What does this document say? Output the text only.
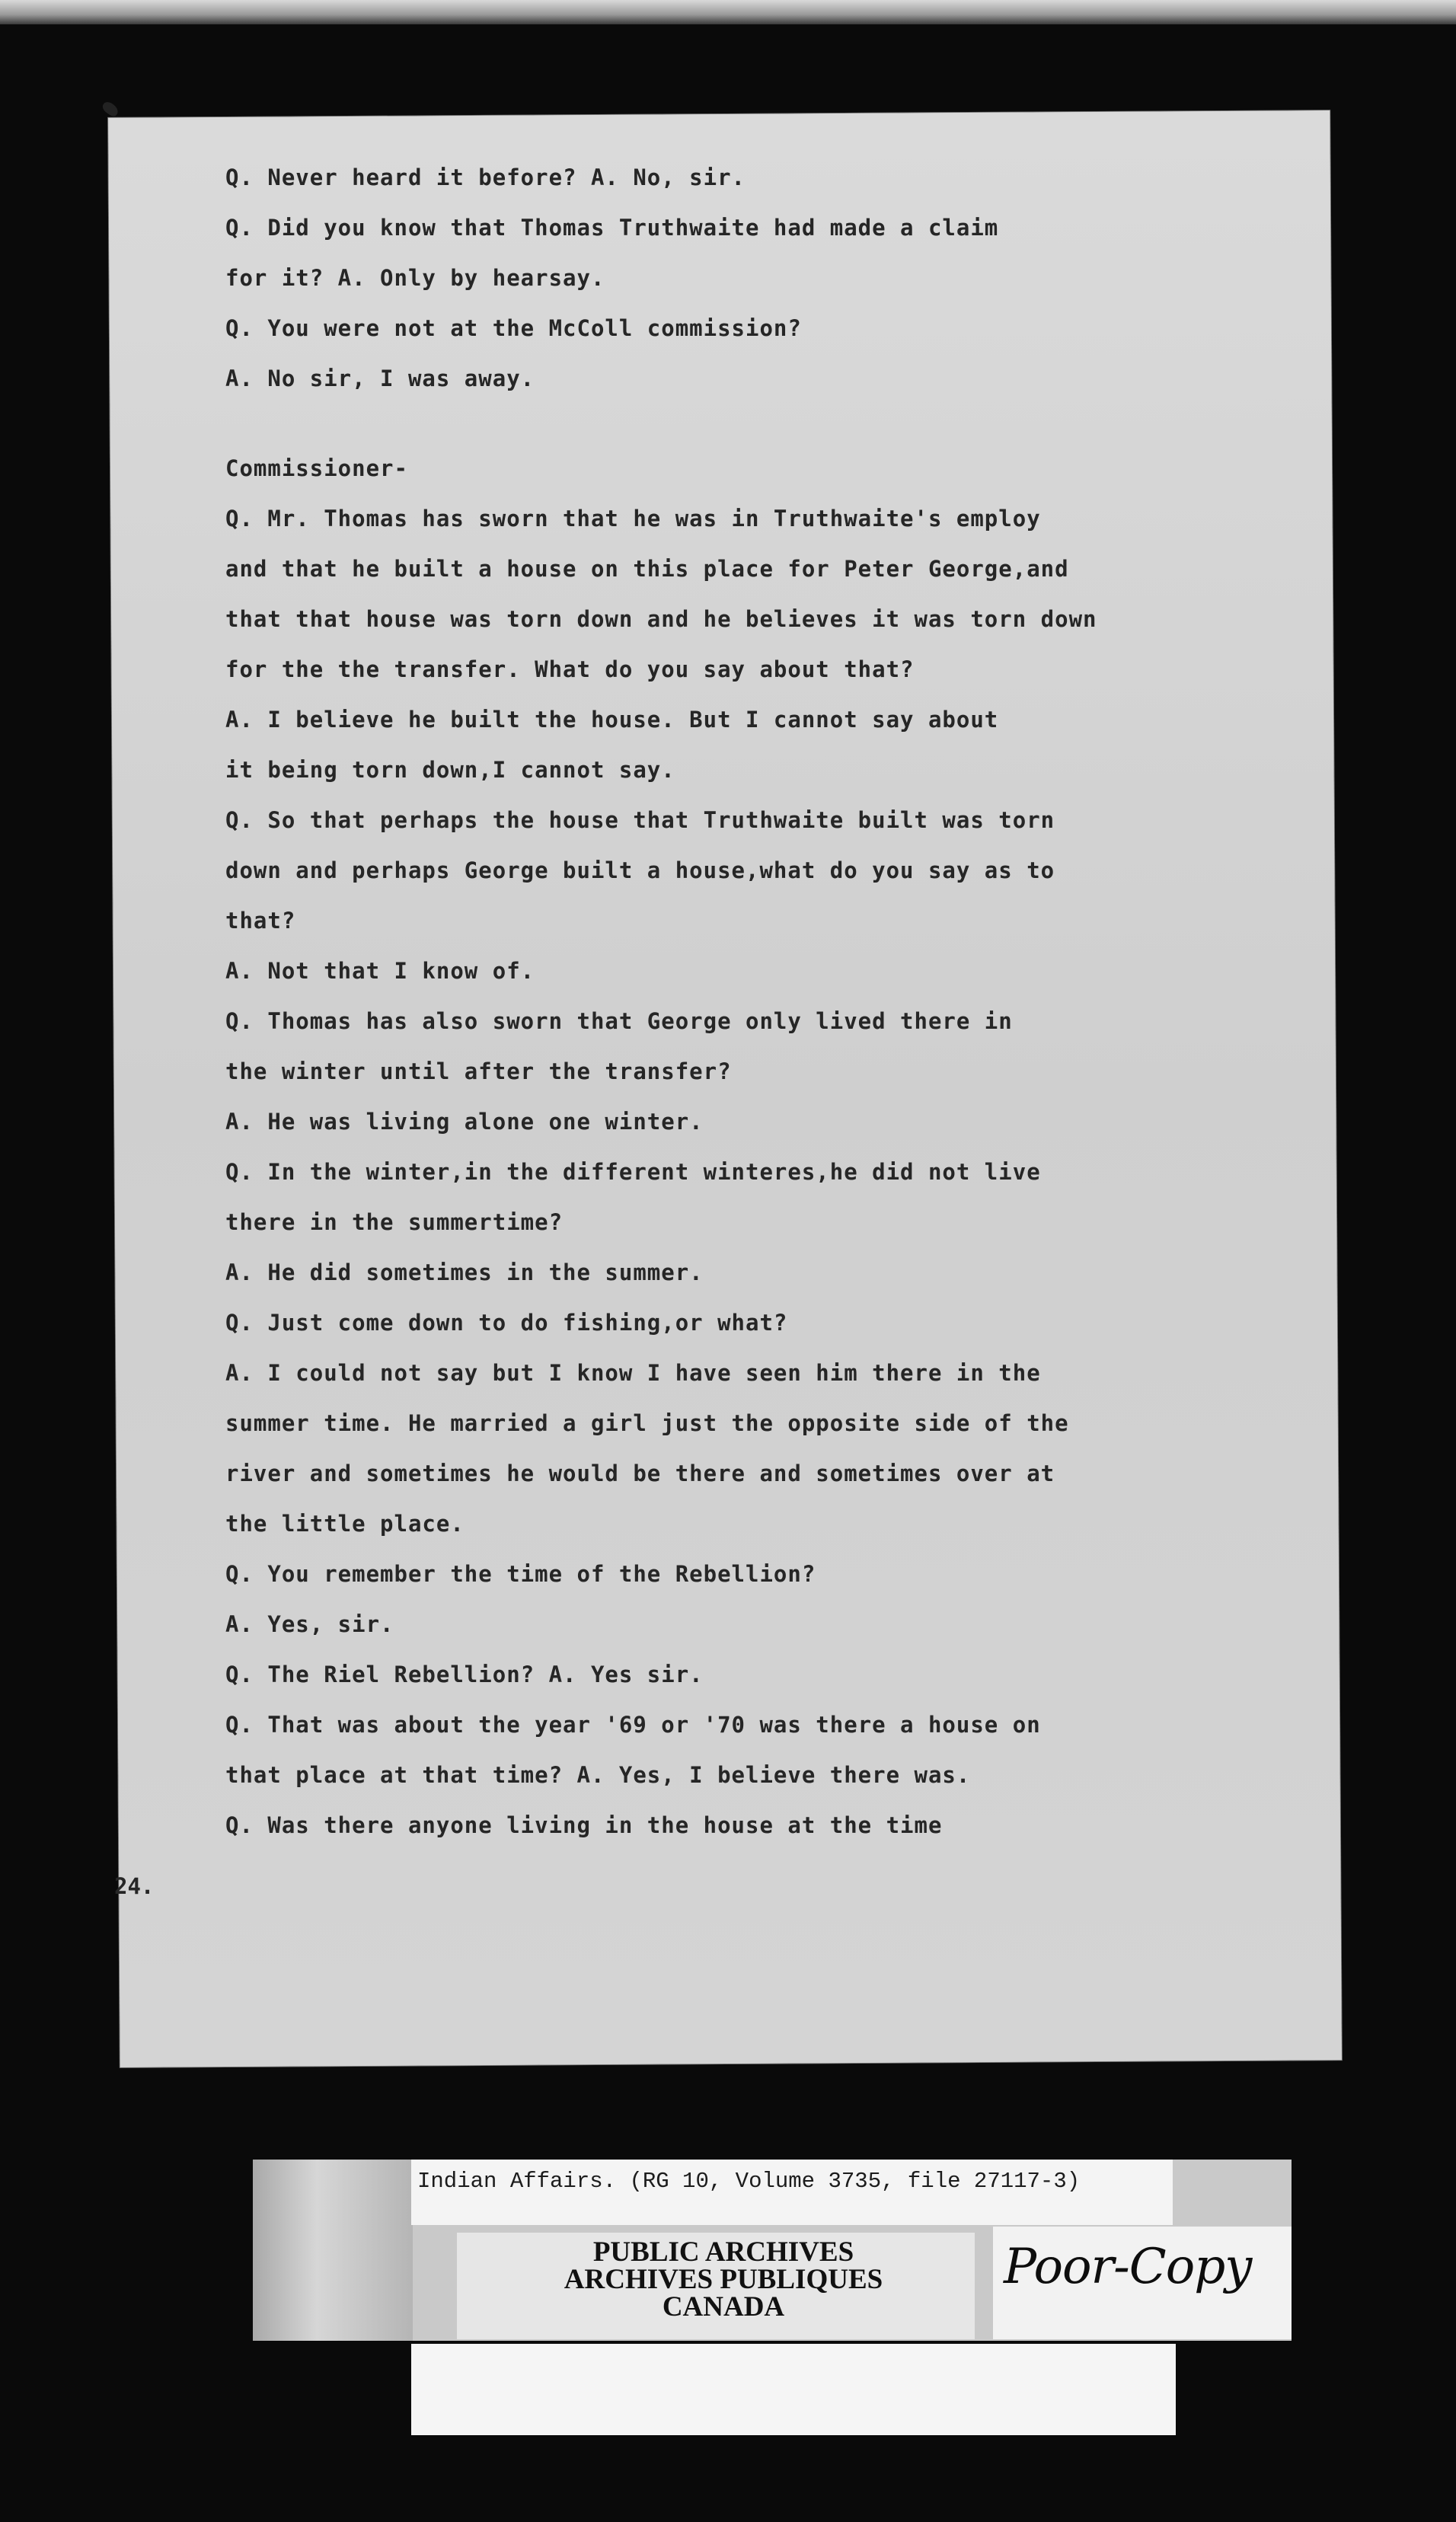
Q. Never heard it before? A. No, sir.
Q. Did you know that Thomas Truthwaite had made a claim
for it? A. Only by hearsay.
Q. You were not at the McColl commission?
A. No sir, I was away.
Commissioner-
Q. Mr. Thomas has sworn that he was in Truthwaite's employ
and that he built a house on this place for Peter George,and
that that house was torn down and he believes it was torn down
for the the transfer. What do you say about that?
A. I believe he built the house. But I cannot say about
it being torn down,I cannot say.
Q. So that perhaps the house that Truthwaite built was torn
down and perhaps George built a house,what do you say as to
that?
A. Not that I know of.
Q. Thomas has also sworn that George only lived there in
the winter until after the transfer?
A. He was living alone one winter.
Q. In the winter,in the different winteres,he did not live
there in the summertime?
A. He did sometimes in the summer.
Q. Just come down to do fishing,or what?
A. I could not say but I know I have seen him there in the
summer time. He married a girl just the opposite side of the
river and sometimes he would be there and sometimes over at
the little place.
Q. You remember the time of the Rebellion?
A. Yes, sir.
Q. The Riel Rebellion? A. Yes sir.
Q. That was about the year '69 or '70 was there a house on
that place at that time? A. Yes, I believe there was.
Q. Was there anyone living in the house at the time
24.
Indian Affairs. (RG 10, Volume 3735, file 27117-3)
PUBLIC ARCHIVES
ARCHIVES PUBLIQUES
CANADA
Poor-Copy
